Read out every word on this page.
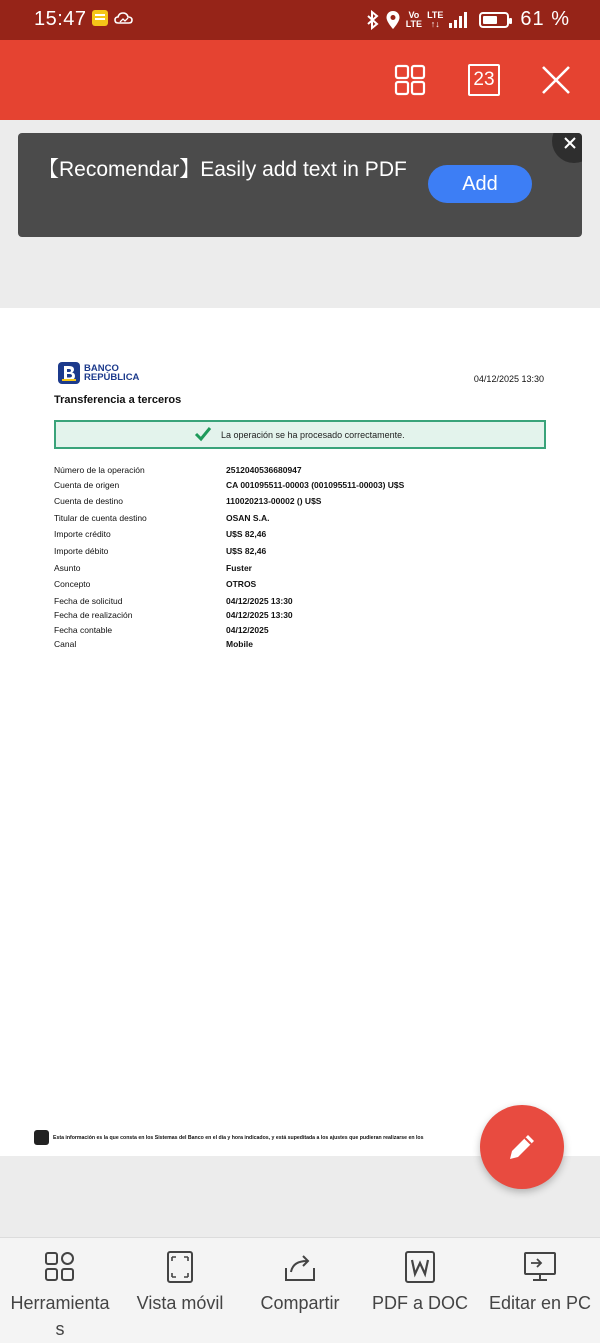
15:47	Vo
LTE
LTE
↑↓	61 %
23
【Recomendar】Easily add text in PDF
Add
BANCO
REPÚBLICA	04/12/2025 13:30
Transferencia a terceros
La operación se ha procesado correctamente.
Número de la operación	2512040536680947
Cuenta de origen	CA 001095511-00003 (001095511-00003) U$S
Cuenta de destino	110020213-00002 () U$S
Titular de cuenta destino	OSAN S.A.
Importe crédito	U$S 82,46
Importe débito	U$S 82,46
Asunto	Fuster
Concepto	OTROS
Fecha de solicitud	04/12/2025 13:30
Fecha de realización	04/12/2025 13:30
Fecha contable	04/12/2025
Canal	Mobile
Esta información es la que consta en los Sistemas del Banco en el día y hora indicados, y está supeditada a los ajustes que pudieran realizarse en los
Herramienta
s
Vista móvil	Compartir	PDF a DOC	Editar en PC
